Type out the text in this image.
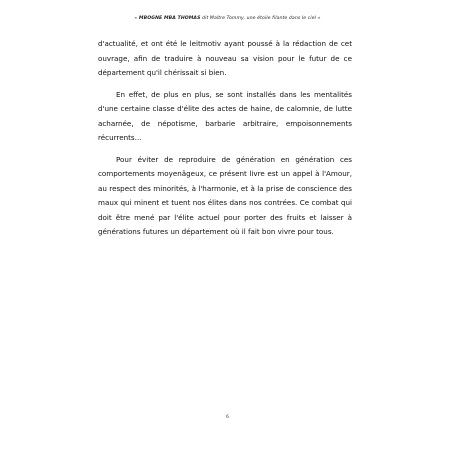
« MBOGNE MBA THOMAS dit Maître Tommy, une étoile filante dans le ciel »
d'actualité, et ont été le leitmotiv ayant poussé à la rédaction de cet
ouvrage, afin de traduire à nouveau sa vision pour le futur de ce
département qu'il chérissait si bien.
En effet, de plus en plus, se sont installés dans les mentalités
d'une certaine classe d'élite des actes de haine, de calomnie, de lutte
acharnée, de népotisme, barbarie arbitraire, empoisonnements
récurrents…
Pour éviter de reproduire de génération en génération ces
comportements moyenâgeux, ce présent livre est un appel à l'Amour,
au respect des minorités, à l'harmonie, et à la prise de conscience des
maux qui minent et tuent nos élites dans nos contrées. Ce combat qui
doit être mené par l'élite actuel pour porter des fruits et laisser à
générations futures un département où il fait bon vivre pour tous.
6
